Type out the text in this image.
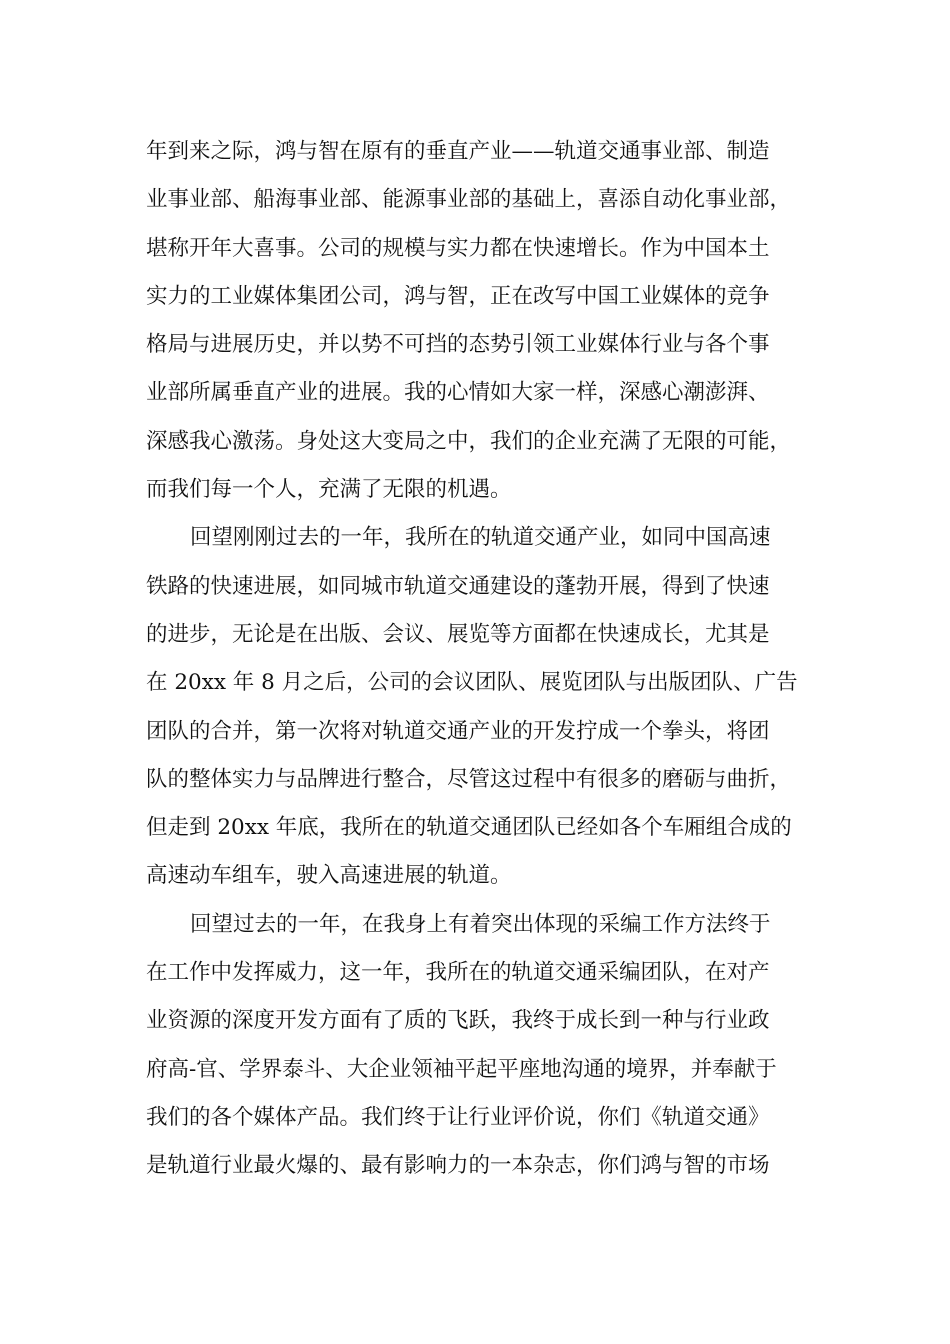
年到来之际，鸿与智在原有的垂直产业——轨道交通事业部、制造
业事业部、船海事业部、能源事业部的基础上，喜添自动化事业部，
堪称开年大喜事。公司的规模与实力都在快速增长。作为中国本土
实力的工业媒体集团公司，鸿与智，正在改写中国工业媒体的竞争
格局与进展历史，并以势不可挡的态势引领工业媒体行业与各个事
业部所属垂直产业的进展。我的心情如大家一样，深感心潮澎湃、
深感我心激荡。身处这大变局之中，我们的企业充满了无限的可能，
而我们每一个人，充满了无限的机遇。
回望刚刚过去的一年，我所在的轨道交通产业，如同中国高速
铁路的快速进展，如同城市轨道交通建设的蓬勃开展，得到了快速
的进步，无论是在出版、会议、展览等方面都在快速成长，尤其是
在 20xx 年 8 月之后，公司的会议团队、展览团队与出版团队、广告
团队的合并，第一次将对轨道交通产业的开发拧成一个拳头，将团
队的整体实力与品牌进行整合，尽管这过程中有很多的磨砺与曲折，
但走到 20xx 年底，我所在的轨道交通团队已经如各个车厢组合成的
高速动车组车，驶入高速进展的轨道。
回望过去的一年，在我身上有着突出体现的采编工作方法终于
在工作中发挥威力，这一年，我所在的轨道交通采编团队，在对产
业资源的深度开发方面有了质的飞跃，我终于成长到一种与行业政
府高-官、学界泰斗、大企业领袖平起平座地沟通的境界，并奉献于
我们的各个媒体产品。我们终于让行业评价说，你们《轨道交通》
是轨道行业最火爆的、最有影响力的一本杂志，你们鸿与智的市场
